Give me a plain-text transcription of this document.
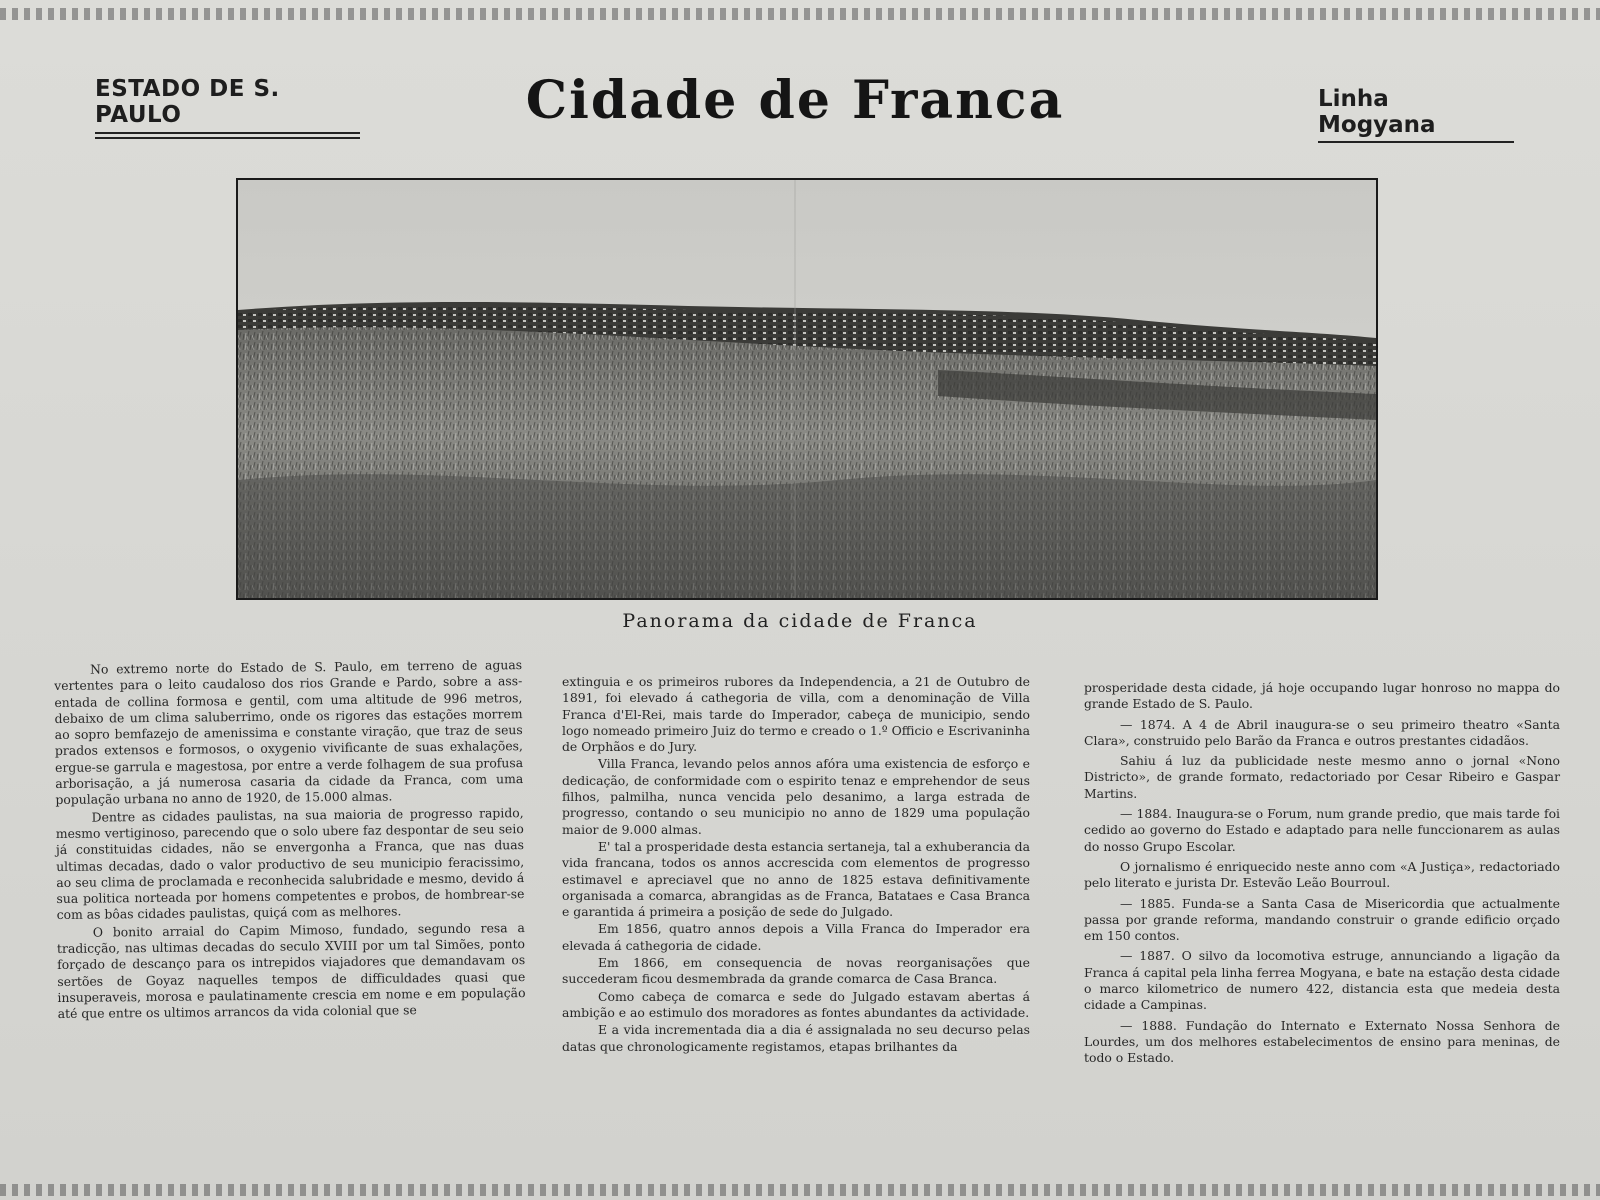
ESTADO DE S. PAULO	Cidade de Franca	Linha Mogyana
Panorama da cidade de Franca

No extremo norte do Estado de S. Paulo, em terreno de aguas vertentes para o leito caudaloso dos rios Grande e Pardo, sobre a assentada de collina formosa e gentil, com uma altitude de 996 metros, debaixo de um clima saluberrimo, onde os rigores das estações morrem ao sopro bemfazejo de amenissima e constante viração, que traz de seus prados extensos e formosos, o oxygenio vivificante de suas exhalações, ergue-se garrula e magestosa, por entre a verde folhagem de sua profusa arborisação, a já numerosa casaria da cidade da Franca, com uma população urbana no anno de 1920, de 15.000 almas.

Dentre as cidades paulistas, na sua maioria de progresso rapido, mesmo vertiginoso, parecendo que o solo ubere faz despontar de seu seio já constituidas cidades, não se envergonha a Franca, que nas duas ultimas decadas, dado o valor productivo de seu municipio feracissimo, ao seu clima de proclamada e reconhecida salubridade e mesmo, devido á sua politica norteada por homens competentes e probos, de hombrear-se com as bôas cidades paulistas, quiçá com as melhores.

O bonito arraial do Capim Mimoso, fundado, segundo resa a tradicção, nas ultimas decadas do seculo XVIII por um tal Simões, ponto forçado de descanço para os intrepidos viajadores que demandavam os sertões de Goyaz naquelles tempos de difficuldades quasi que insuperaveis, morosa e paulatinamente crescia em nome e em população até que entre os ultimos arrancos da vida colonial que se

extinguia e os primeiros rubores da Independencia, a 21 de Outubro de 1891, foi elevado á cathegoria de villa, com a denominação de Villa Franca d'El-Rei, mais tarde do Imperador, cabeça de municipio, sendo logo nomeado primeiro Juiz do termo e creado o 1.º Officio e Escrivaninha de Orphãos e do Jury.

Villa Franca, levando pelos annos afóra uma existencia de esforço e dedicação, de conformidade com o espirito tenaz e emprehendor de seus filhos, palmilha, nunca vencida pelo desanimo, a larga estrada de progresso, contando o seu municipio no anno de 1829 uma população maior de 9.000 almas.

E' tal a prosperidade desta estancia sertaneja, tal a exhuberancia da vida francana, todos os annos accrescida com elementos de progresso estimavel e apreciavel que no anno de 1825 estava definitivamente organisada a comarca, abrangidas as de Franca, Batataes e Casa Branca e garantida á primeira a posição de sede do Julgado.

Em 1856, quatro annos depois a Villa Franca do Imperador era elevada á cathegoria de cidade.

Em 1866, em consequencia de novas reorganisações que succederam ficou desmembrada da grande comarca de Casa Branca.

Como cabeça de comarca e sede do Julgado estavam abertas á ambição e ao estimulo dos moradores as fontes abundantes da actividade.

E a vida incrementada dia a dia é assignalada no seu decurso pelas datas que chronologicamente registamos, etapas brilhantes da

prosperidade desta cidade, já hoje occupando lugar honroso no mappa do grande Estado de S. Paulo.

— 1874. A 4 de Abril inaugura-se o seu primeiro theatro «Santa Clara», construido pelo Barão da Franca e outros prestantes cidadãos.

Sahiu á luz da publicidade neste mesmo anno o jornal «Nono Districto», de grande formato, redactoriado por Cesar Ribeiro e Gaspar Martins.

— 1884. Inaugura-se o Forum, num grande predio, que mais tarde foi cedido ao governo do Estado e adaptado para nelle funccionarem as aulas do nosso Grupo Escolar.

O jornalismo é enriquecido neste anno com «A Justiça», redactoriado pelo literato e jurista Dr. Estevão Leão Bourroul.

— 1885. Funda-se a Santa Casa de Misericordia que actualmente passa por grande reforma, mandando construir o grande edificio orçado em 150 contos.

— 1887. O silvo da locomotiva estruge, annunciando a ligação da Franca á capital pela linha ferrea Mogyana, e bate na estação desta cidade o marco kilometrico de numero 422, distancia esta que medeia desta cidade a Campinas.

— 1888. Fundação do Internato e Externato Nossa Senhora de Lourdes, um dos melhores estabelecimentos de ensino para meninas, de todo o Estado.
